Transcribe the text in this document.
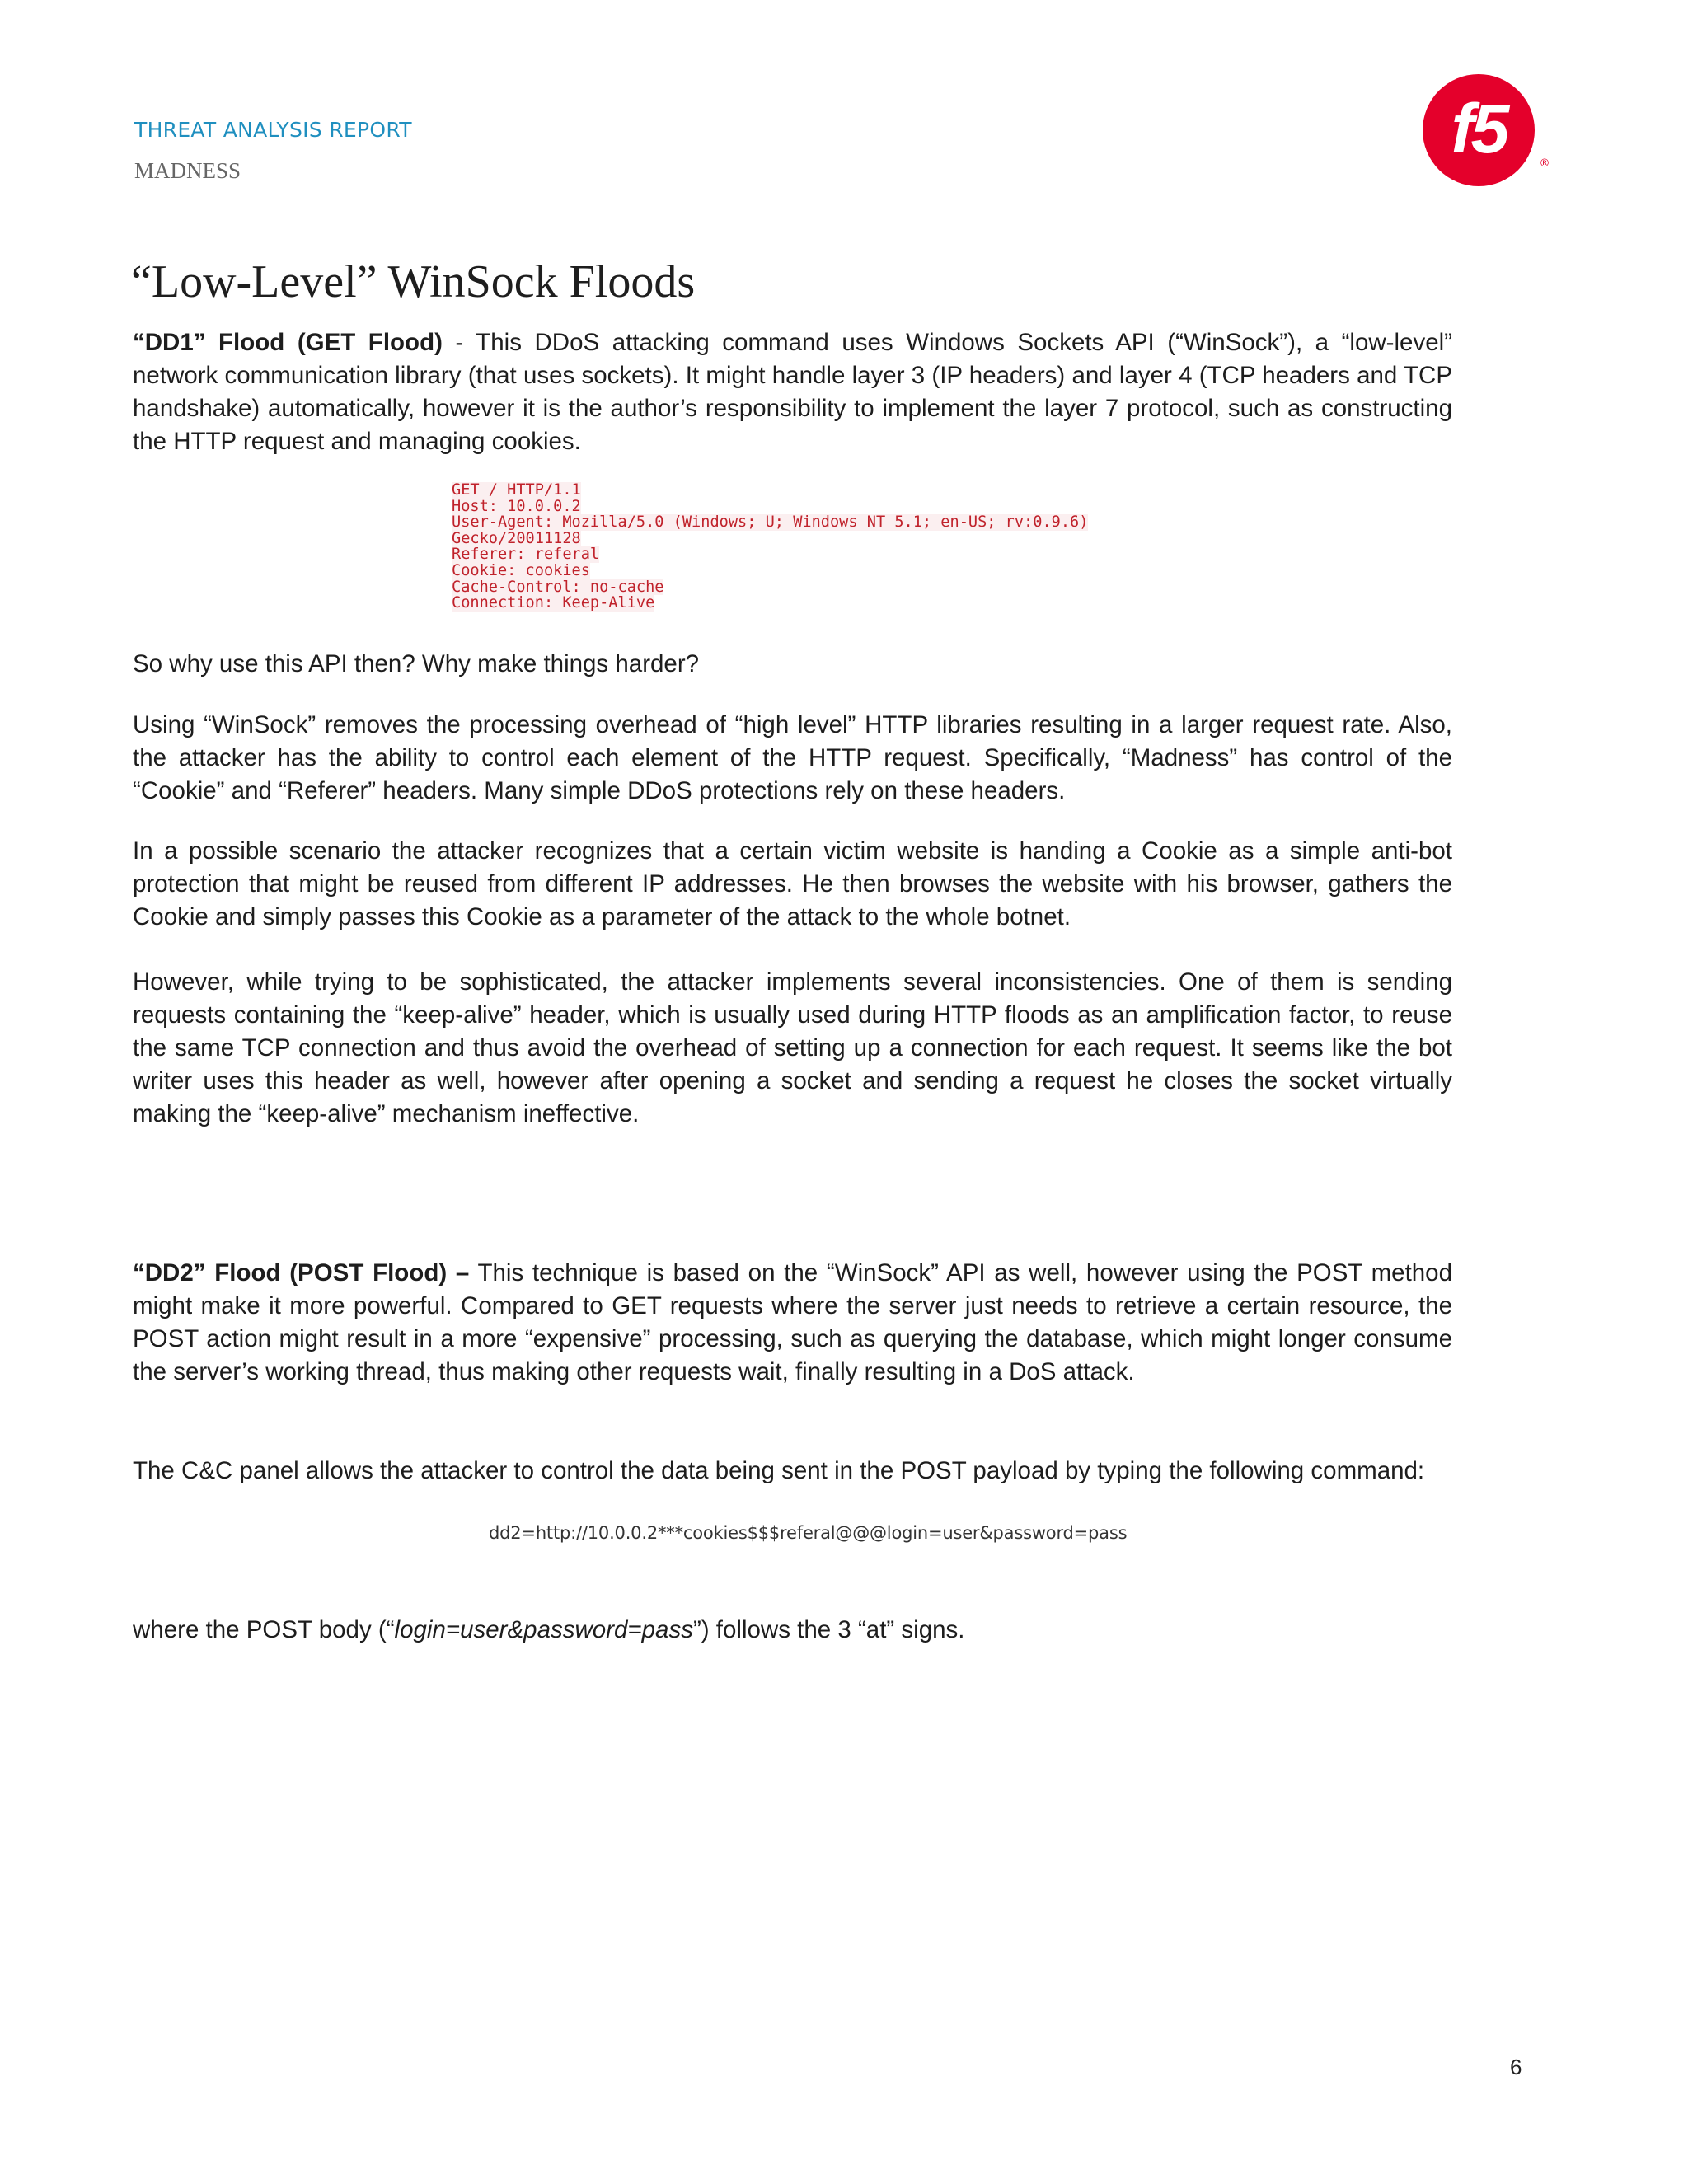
THREAT ANALYSIS REPORT
MADNESS
f5	®
“Low-Level” WinSock Floods

“DD1” Flood (GET Flood) - This DDoS attacking command uses Windows Sockets API (“WinSock”), a “low-level” network communication library (that uses sockets). It might handle layer 3 (IP headers) and layer 4 (TCP headers and TCP handshake) automatically, however it is the author’s responsibility to implement the layer 7 protocol, such as constructing the HTTP request and managing cookies.

GET / HTTP/1.1
Host: 10.0.0.2
User-Agent: Mozilla/5.0 (Windows; U; Windows NT 5.1; en-US; rv:0.9.6)
Gecko/20011128
Referer: referal
Cookie: cookies
Cache-Control: no-cache
Connection: Keep-Alive

So why use this API then? Why make things harder?

Using “WinSock” removes the processing overhead of “high level” HTTP libraries resulting in a larger request rate. Also, the attacker has the ability to control each element of the HTTP request. Specifically, “Madness” has control of the “Cookie” and “Referer” headers. Many simple DDoS protections rely on these headers.

In a possible scenario the attacker recognizes that a certain victim website is handing a Cookie as a simple anti-bot protection that might be reused from different IP addresses. He then browses the website with his browser, gathers the Cookie and simply passes this Cookie as a parameter of the attack to the whole botnet.

However, while trying to be sophisticated, the attacker implements several inconsistencies. One of them is sending requests containing the “keep-alive” header, which is usually used during HTTP floods as an amplification factor, to reuse the same TCP connection and thus avoid the overhead of setting up a connection for each request. It seems like the bot writer uses this header as well, however after opening a socket and sending a request he closes the socket virtually making the “keep-alive” mechanism ineffective.

“DD2” Flood (POST Flood) – This technique is based on the “WinSock” API as well, however using the POST method might make it more powerful. Compared to GET requests where the server just needs to retrieve a certain resource, the POST action might result in a more “expensive” processing, such as querying the database, which might longer consume the server’s working thread, thus making other requests wait, finally resulting in a DoS attack.

The C&C panel allows the attacker to control the data being sent in the POST payload by typing the following command:

dd2=http://10.0.0.2***cookies$$$referal@@@login=user&password=pass

where the POST body (“login=user&password=pass”) follows the 3 “at” signs.

6
